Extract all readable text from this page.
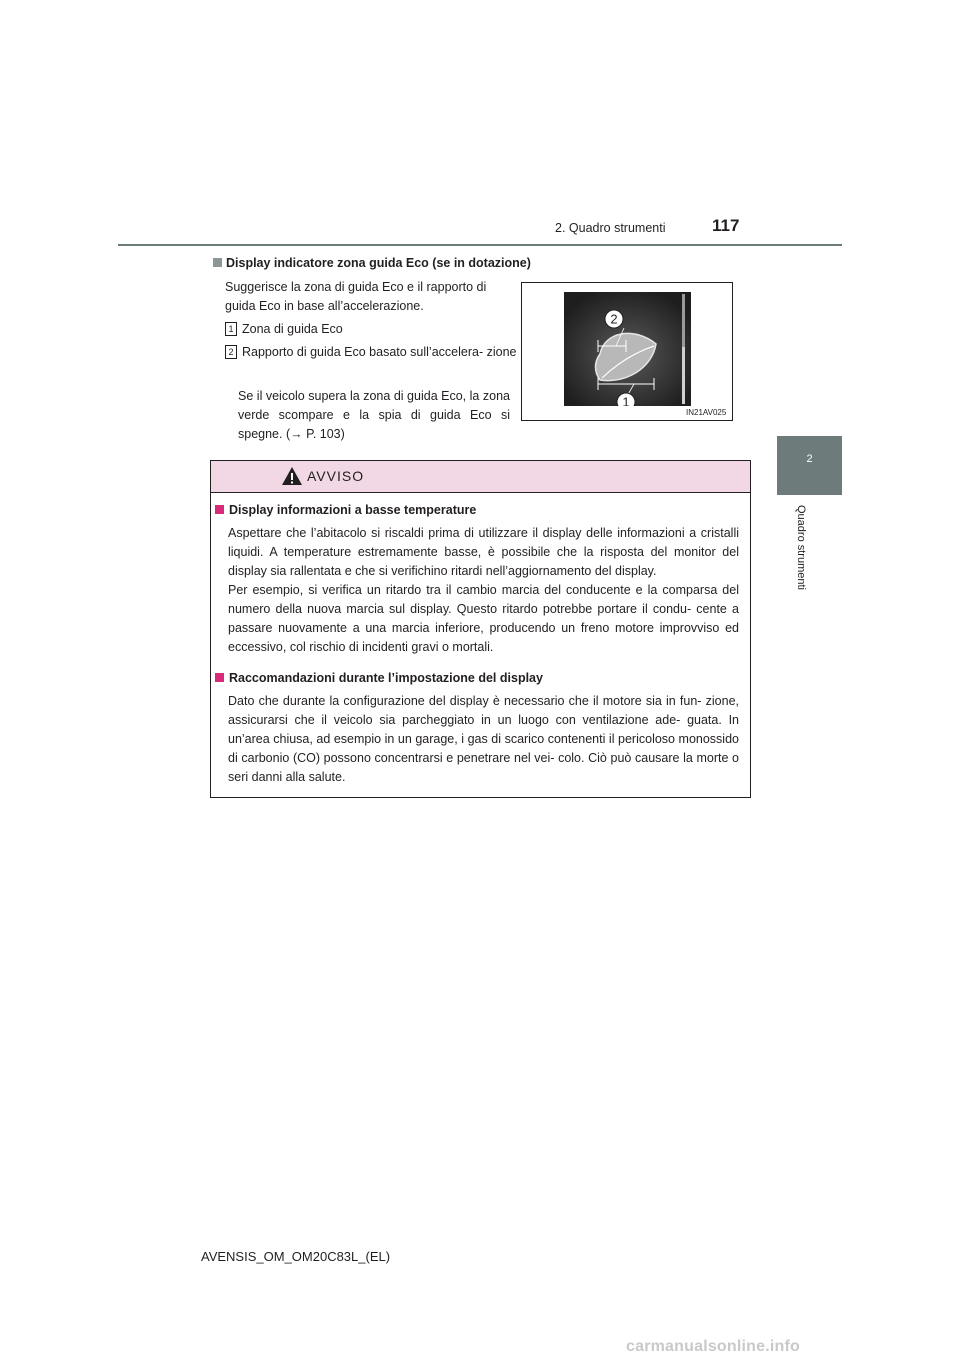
2. Quadro strumenti	117
2
Quadro strumenti
Display indicatore zona guida Eco (se in dotazione)
Suggerisce la zona di guida Eco e il rapporto di guida Eco in base all’accelerazione.
1 Zona di guida Eco
2 Rapporto di guida Eco basato sull’accelera- zione
Se il veicolo supera la zona di guida Eco, la zona verde scompare e la spia di guida Eco si spegne. (→ P. 103)
2
1
IN21AV025
AVVISO
Display informazioni a basse temperature
Aspettare che l’abitacolo si riscaldi prima di utilizzare il display delle informazioni a cristalli liquidi. A temperature estremamente basse, è possibile che la risposta del monitor del display sia rallentata e che si verifichino ritardi nell’aggiornamento del display.
Per esempio, si verifica un ritardo tra il cambio marcia del conducente e la comparsa del numero della nuova marcia sul display. Questo ritardo potrebbe portare il condu- cente a passare nuovamente a una marcia inferiore, producendo un freno motore improvviso ed eccessivo, col rischio di incidenti gravi o mortali.
Raccomandazioni durante l’impostazione del display
Dato che durante la configurazione del display è necessario che il motore sia in fun- zione, assicurarsi che il veicolo sia parcheggiato in un luogo con ventilazione ade- guata. In un’area chiusa, ad esempio in un garage, i gas di scarico contenenti il pericoloso monossido di carbonio (CO) possono concentrarsi e penetrare nel vei- colo. Ciò può causare la morte o seri danni alla salute.
AVENSIS_OM_OM20C83L_(EL)
carmanualsonline.info
